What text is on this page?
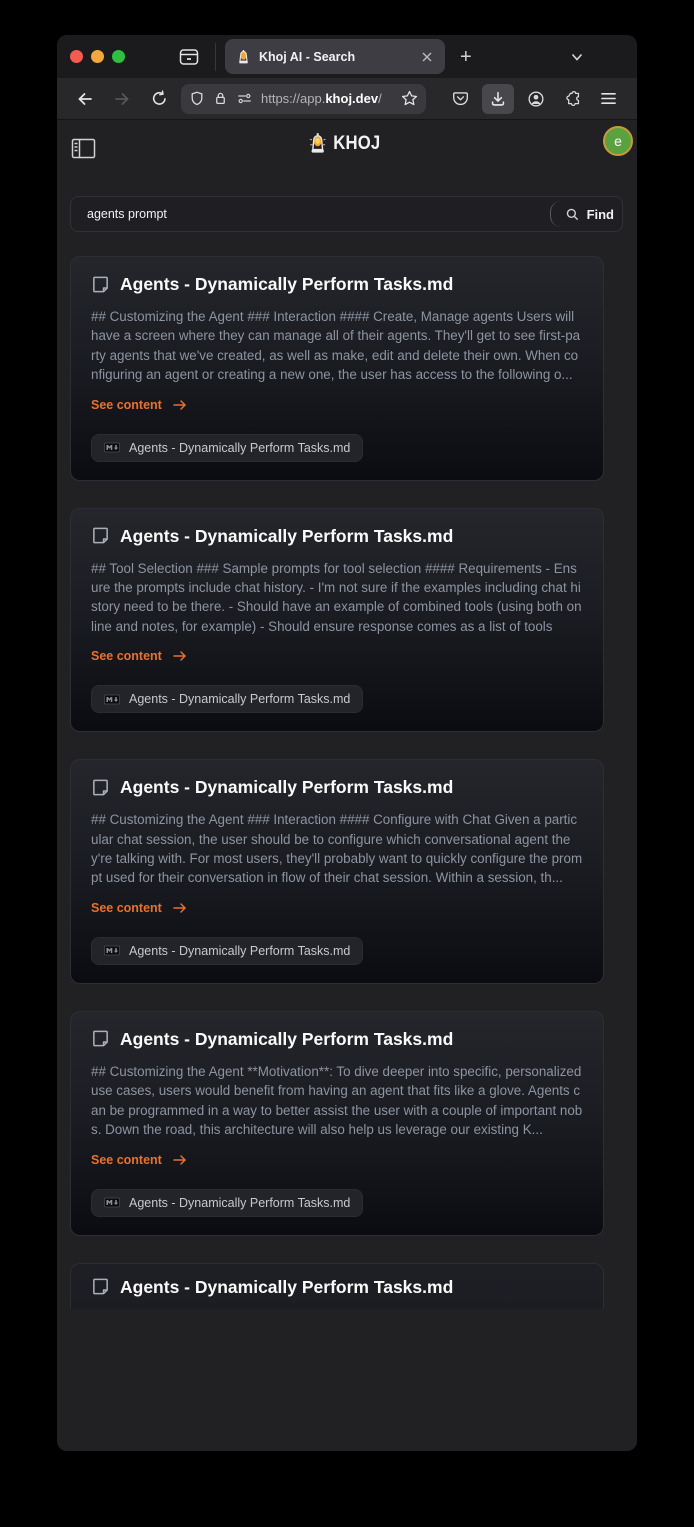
Khoj AI - Search	+
https://app.khoj.dev/
KHOJ	e
agents prompt
Find
Agents - Dynamically Perform Tasks.md
## Customizing the Agent ### Interaction #### Create, Manage agents Users will have a screen where they can manage all of their agents. They'll get to see first-party agents that we've created, as well as make, edit and delete their own. When configuring an agent or creating a new one, the user has access to the following o...
See content
Agents - Dynamically Perform Tasks.md
Agents - Dynamically Perform Tasks.md
## Tool Selection ### Sample prompts for tool selection #### Requirements - Ensure the prompts include chat history. - I'm not sure if the examples including chat history need to be there. - Should have an example of combined tools (using both online and notes, for example) - Should ensure response comes as a list of tools
See content
Agents - Dynamically Perform Tasks.md
Agents - Dynamically Perform Tasks.md
## Customizing the Agent ### Interaction #### Configure with Chat Given a particular chat session, the user should be to configure which conversational agent they're talking with. For most users, they'll probably want to quickly configure the prompt used for their conversation in flow of their chat session. Within a session, th...
See content
Agents - Dynamically Perform Tasks.md
Agents - Dynamically Perform Tasks.md
## Customizing the Agent **Motivation**: To dive deeper into specific, personalized use cases, users would benefit from having an agent that fits like a glove. Agents can be programmed in a way to better assist the user with a couple of important nobs. Down the road, this architecture will also help us leverage our existing K...
See content
Agents - Dynamically Perform Tasks.md
Agents - Dynamically Perform Tasks.md
